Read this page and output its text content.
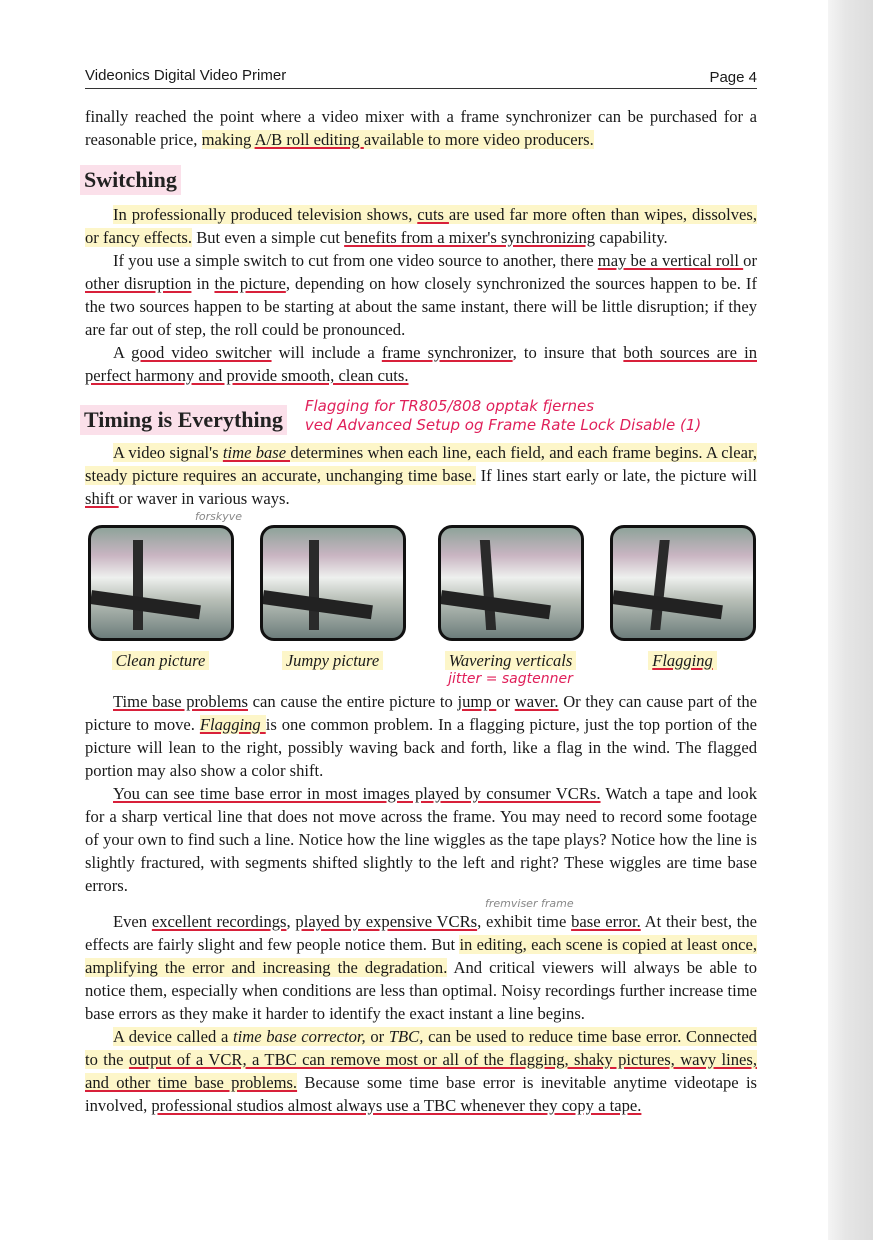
Videonics Digital Video Primer	Page 4

finally reached the point where a video mixer with a frame synchronizer can be purchased for a reasonable price, making A/B roll editing available to more video producers.

Switching

In professionally produced television shows, cuts are used far more often than wipes, dissolves, or fancy effects. But even a simple cut benefits from a mixer's synchronizing capability.

If you use a simple switch to cut from one video source to another, there may be a vertical roll or other disruption in the picture, depending on how closely synchronized the sources happen to be. If the two sources happen to be starting at about the same instant, there will be little disruption; if they are far out of step, the roll could be pronounced.

A good video switcher will include a frame synchronizer, to insure that both sources are in perfect harmony and provide smooth, clean cuts.

Timing is Everything
Flagging for TR805/808 opptak fjernes
ved Advanced Setup og Frame Rate Lock Disable (1)

A video signal's time base determines when each line, each field, and each frame begins. A clear, steady picture requires an accurate, unchanging time base. If lines start early or late, the picture will shift or waver in various ways.

forskyve
Clean picture	Jumpy picture	Wavering verticals
jitter = sagtenner
Flagging

Time base problems can cause the entire picture to jump or waver. Or they can cause part of the picture to move. Flagging is one common problem. In a flagging picture, just the top portion of the picture will lean to the right, possibly waving back and forth, like a flag in the wind. The flagged portion may also show a color shift.

You can see time base error in most images played by consumer VCRs. Watch a tape and look for a sharp vertical line that does not move across the frame. You may need to record some footage of your own to find such a line. Notice how the line wiggles as the tape plays? Notice how the line is slightly fractured, with segments shifted slightly to the left and right? These wiggles are time base errors.

fremviser frame

Even excellent recordings, played by expensive VCRs, exhibit time base error. At their best, the effects are fairly slight and few people notice them. But in editing, each scene is copied at least once, amplifying the error and increasing the degradation. And critical viewers will always be able to notice them, especially when conditions are less than optimal. Noisy recordings further increase time base errors as they make it harder to identify the exact instant a line begins.

A device called a time base corrector, or TBC, can be used to reduce time base error. Connected to the output of a VCR, a TBC can remove most or all of the flagging, shaky pictures, wavy lines, and other time base problems. Because some time base error is inevitable anytime videotape is involved, professional studios almost always use a TBC whenever they copy a tape.
